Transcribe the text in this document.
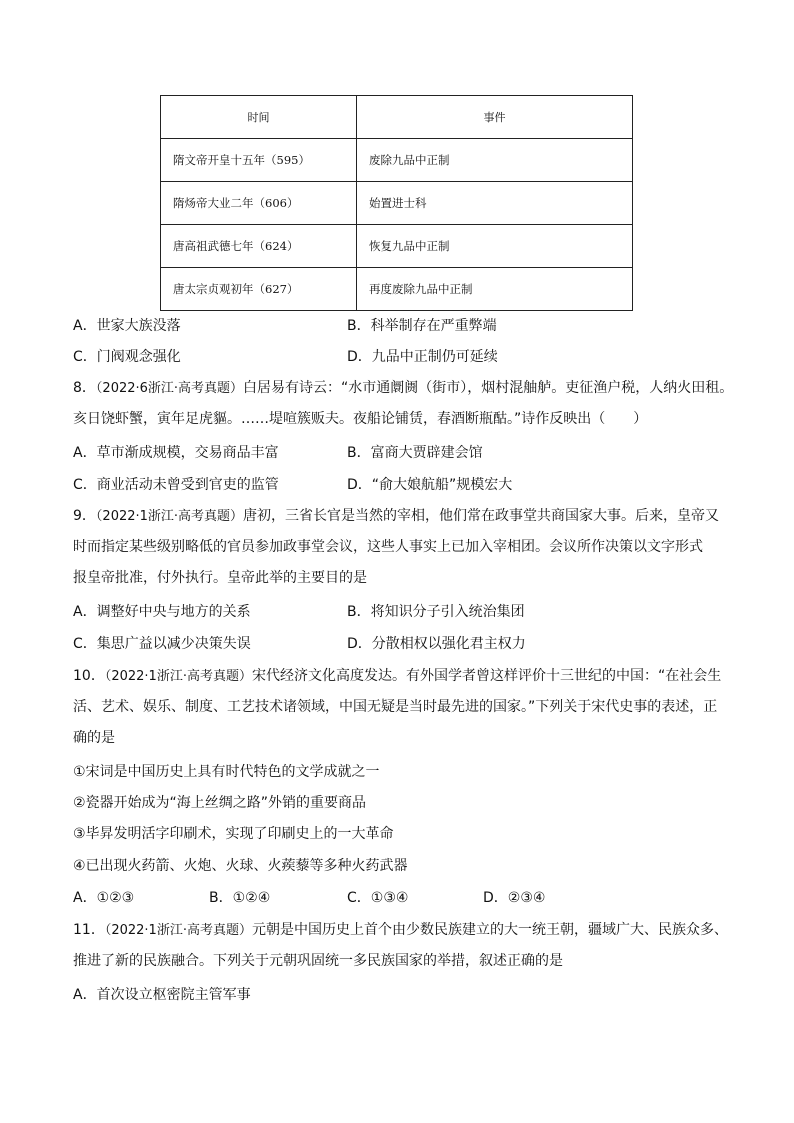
时间	事件
隋文帝开皇十五年（595）	废除九品中正制
隋炀帝大业二年（606）	始置进士科
唐高祖武德七年（624）	恢复九品中正制
唐太宗贞观初年（627）	再度废除九品中正制
A．世家大族没落	B．科举制存在严重弊端
C．门阀观念强化	D．九品中正制仍可延续
8．（2022·6浙江·高考真题）白居易有诗云：“水市通阛阓（街市），烟村混舳舻。吏征渔户税，人纳火田租。
亥日饶虾蟹，寅年足虎貙。……堤喧簇贩夫。夜船论铺赁，春酒断瓶酤。”诗作反映出（　　）
A．草市渐成规模，交易商品丰富	B．富商大贾辟建会馆
C．商业活动未曾受到官吏的监管	D．“俞大娘航船”规模宏大
9．（2022·1浙江·高考真题）唐初，三省长官是当然的宰相，他们常在政事堂共商国家大事。后来，皇帝又
时而指定某些级别略低的官员参加政事堂会议，这些人事实上已加入宰相团。会议所作决策以文字形式
报皇帝批准，付外执行。皇帝此举的主要目的是
A．调整好中央与地方的关系	B．将知识分子引入统治集团
C．集思广益以减少决策失误	D．分散相权以强化君主权力
10．（2022·1浙江·高考真题）宋代经济文化高度发达。有外国学者曾这样评价十三世纪的中国：“在社会生
活、艺术、娱乐、制度、工艺技术诸领域，中国无疑是当时最先进的国家。”下列关于宋代史事的表述，正
确的是
①宋词是中国历史上具有时代特色的文学成就之一
②瓷器开始成为“海上丝绸之路”外销的重要商品
③毕昇发明活字印刷术，实现了印刷史上的一大革命
④已出现火药箭、火炮、火球、火蒺藜等多种火药武器
A．①②③	B．①②④	C．①③④	D．②③④
11．（2022·1浙江·高考真题）元朝是中国历史上首个由少数民族建立的大一统王朝，疆域广大、民族众多、
推进了新的民族融合。下列关于元朝巩固统一多民族国家的举措，叙述正确的是
A．首次设立枢密院主管军事
